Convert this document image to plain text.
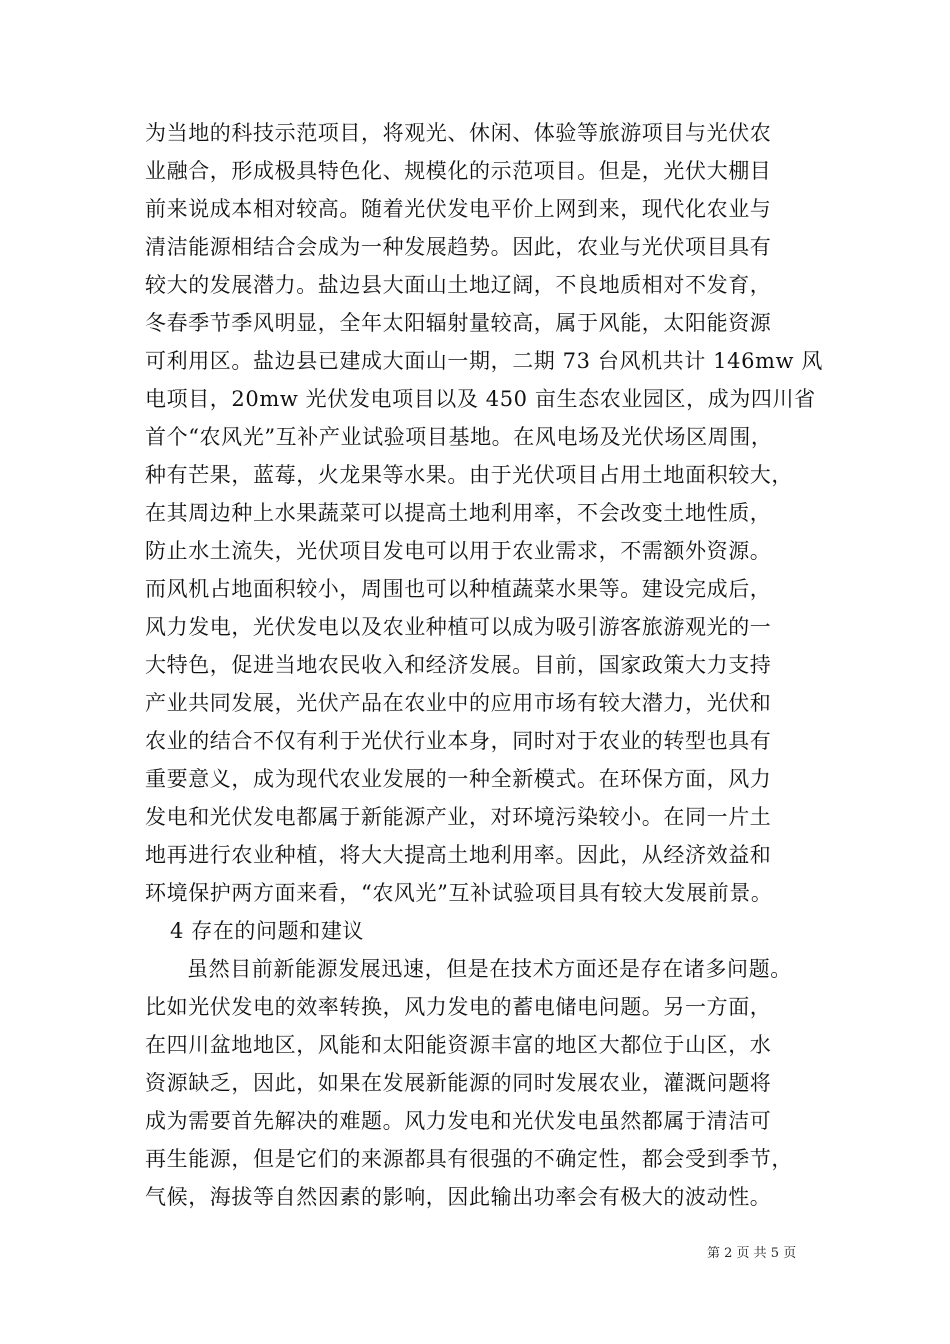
为当地的科技示范项目，将观光、休闲、体验等旅游项目与光伏农
业融合，形成极具特色化、规模化的示范项目。但是，光伏大棚目
前来说成本相对较高。随着光伏发电平价上网到来，现代化农业与
清洁能源相结合会成为一种发展趋势。因此，农业与光伏项目具有
较大的发展潜力。盐边县大面山土地辽阔，不良地质相对不发育，
冬春季节季风明显，全年太阳辐射量较高，属于风能，太阳能资源
可利用区。盐边县已建成大面山一期，二期 73 台风机共计 146mw 风
电项目，20mw 光伏发电项目以及 450 亩生态农业园区，成为四川省
首个“农风光”互补产业试验项目基地。在风电场及光伏场区周围，
种有芒果，蓝莓，火龙果等水果。由于光伏项目占用土地面积较大，
在其周边种上水果蔬菜可以提高土地利用率，不会改变土地性质，
防止水土流失，光伏项目发电可以用于农业需求，不需额外资源。
而风机占地面积较小，周围也可以种植蔬菜水果等。建设完成后，
风力发电，光伏发电以及农业种植可以成为吸引游客旅游观光的一
大特色，促进当地农民收入和经济发展。目前，国家政策大力支持
产业共同发展，光伏产品在农业中的应用市场有较大潜力，光伏和
农业的结合不仅有利于光伏行业本身，同时对于农业的转型也具有
重要意义，成为现代农业发展的一种全新模式。在环保方面，风力
发电和光伏发电都属于新能源产业，对环境污染较小。在同一片土
地再进行农业种植，将大大提高土地利用率。因此，从经济效益和
环境保护两方面来看，“农风光”互补试验项目具有较大发展前景。
4 存在的问题和建议
虽然目前新能源发展迅速，但是在技术方面还是存在诸多问题。
比如光伏发电的效率转换，风力发电的蓄电储电问题。另一方面，
在四川盆地地区，风能和太阳能资源丰富的地区大都位于山区，水
资源缺乏，因此，如果在发展新能源的同时发展农业，灌溉问题将
成为需要首先解决的难题。风力发电和光伏发电虽然都属于清洁可
再生能源，但是它们的来源都具有很强的不确定性，都会受到季节，
气候，海拔等自然因素的影响，因此输出功率会有极大的波动性。
第 2 页 共 5 页
